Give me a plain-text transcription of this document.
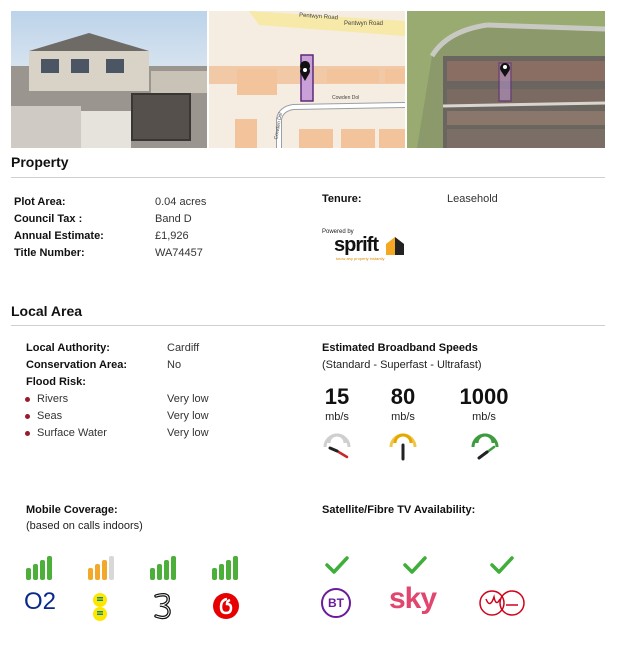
Pentwyn Road
Pentwyn Road
Cowden Dol
Cowden Dol
Property
Plot Area:	0.04 acres
Council Tax :	Band D
Annual Estimate:	£1,926
Title Number:	WA74457
Tenure:	Leasehold
Powered by
sprift
know any property instantly
Local Area
Local Authority:	Cardiff
Conservation Area:	No
Flood Risk:
Rivers	Very low
Seas	Very low
Surface Water	Very low
Estimated Broadband Speeds
(Standard - Superfast - Ultrafast)
15
mb/s
80
mb/s
1000
mb/s
Mobile Coverage:
(based on calls indoors)
O2
Satellite/Fibre TV Availability:
BT sky
